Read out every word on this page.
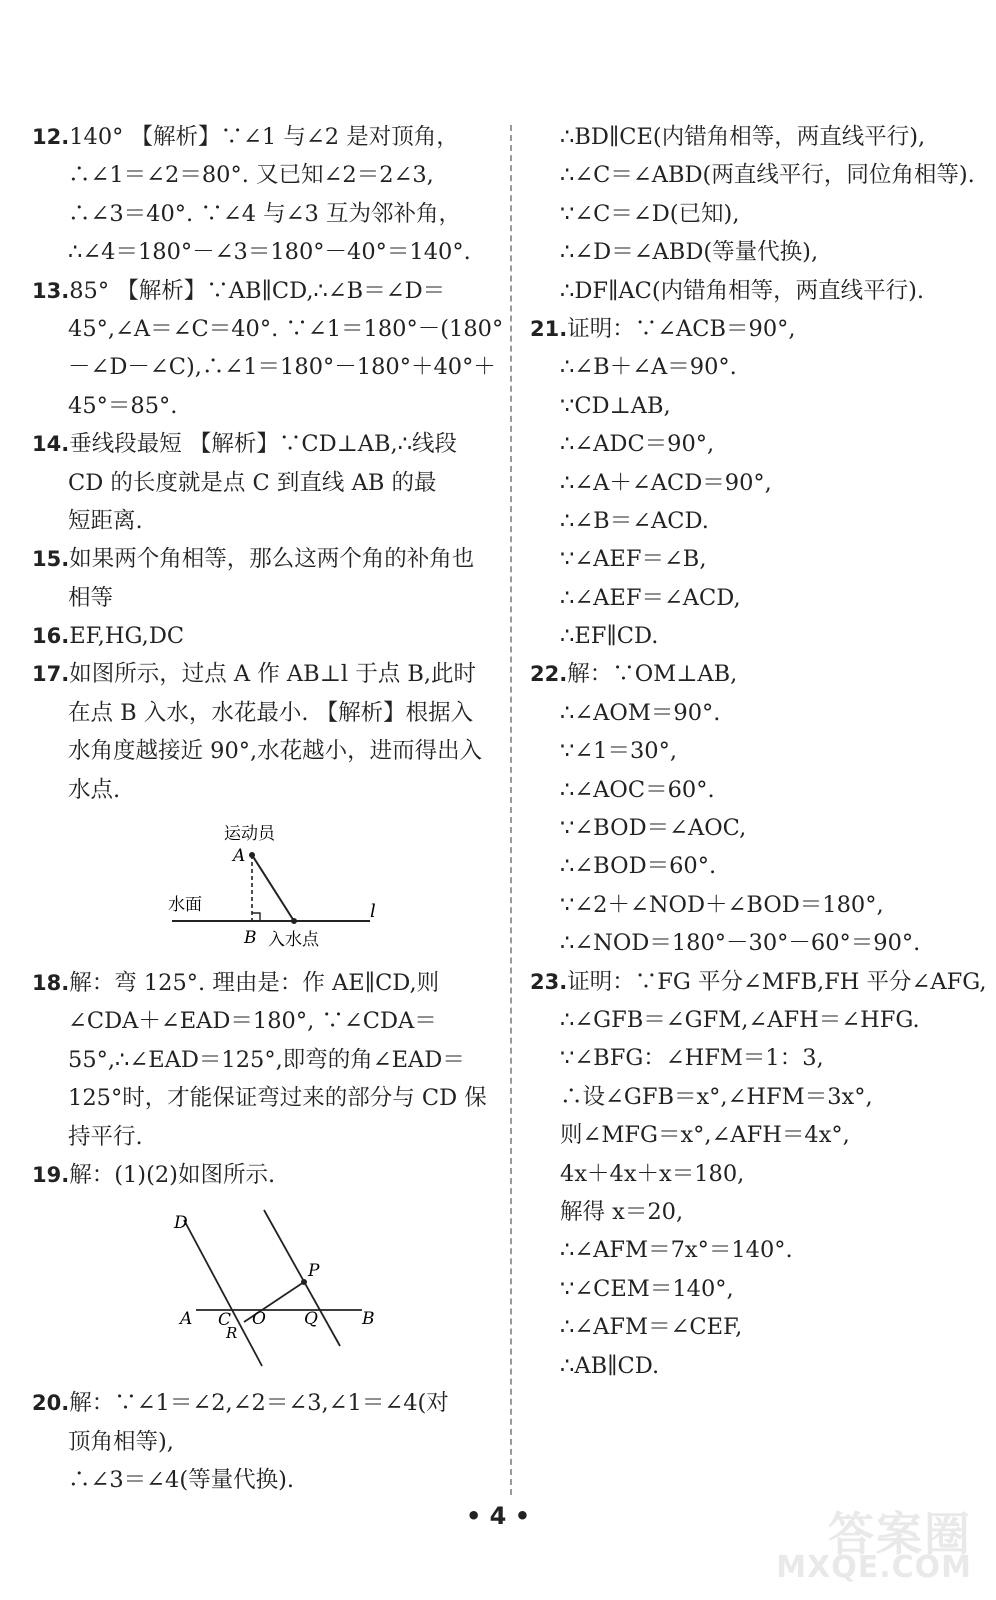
12.140° 【解析】∵∠1 与∠2 是对顶角，
∴∠1＝∠2＝80°. 又已知∠2＝2∠3,
∴∠3＝40°. ∵∠4 与∠3 互为邻补角，
∴∠4＝180°－∠3＝180°－40°＝140°.
13.85° 【解析】∵AB∥CD,∴∠B＝∠D＝
45°,∠A＝∠C＝40°. ∵∠1＝180°－(180°
－∠D－∠C),∴∠1＝180°－180°＋40°＋
45°＝85°.
14.垂线段最短 【解析】∵CD⊥AB,∴线段
CD 的长度就是点 C 到直线 AB 的最
短距离.
15.如果两个角相等，那么这两个角的补角也
相等
16.EF,HG,DC
17.如图所示，过点 A 作 AB⊥l 于点 B,此时
在点 B 入水，水花最小. 【解析】根据入
水角度越接近 90°,水花越小，进而得出入
水点.
运动员
A
水面	l
B 入水点
18.解：弯 125°. 理由是：作 AE∥CD,则
∠CDA＋∠EAD＝180°, ∵∠CDA＝
55°,∴∠EAD＝125°,即弯的角∠EAD＝
125°时，才能保证弯过来的部分与 CD 保
持平行.
19.解：(1)(2)如图所示.
D
P
A C
R
O Q	B
20.解：∵∠1＝∠2,∠2＝∠3,∠1＝∠4(对
顶角相等),
∴∠3＝∠4(等量代换).
∴BD∥CE(内错角相等，两直线平行),
∴∠C＝∠ABD(两直线平行，同位角相等).
∵∠C＝∠D(已知),
∴∠D＝∠ABD(等量代换),
∴DF∥AC(内错角相等，两直线平行).
21.证明：∵∠ACB＝90°,
∴∠B＋∠A＝90°.
∵CD⊥AB,
∴∠ADC＝90°,
∴∠A＋∠ACD＝90°,
∴∠B＝∠ACD.
∵∠AEF＝∠B,
∴∠AEF＝∠ACD,
∴EF∥CD.
22.解：∵OM⊥AB,
∴∠AOM＝90°.
∵∠1＝30°,
∴∠AOC＝60°.
∵∠BOD＝∠AOC,
∴∠BOD＝60°.
∵∠2＋∠NOD＋∠BOD＝180°,
∴∠NOD＝180°－30°－60°＝90°.
23.证明：∵FG 平分∠MFB,FH 平分∠AFG,
∴∠GFB＝∠GFM,∠AFH＝∠HFG.
∵∠BFG：∠HFM＝1：3,
∴设∠GFB＝x°,∠HFM＝3x°,
则∠MFG＝x°,∠AFH＝4x°,
4x＋4x＋x＝180,
解得 x＝20,
∴∠AFM＝7x°＝140°.
∵∠CEM＝140°,
∴∠AFM＝∠CEF,
∴AB∥CD.
• 4 •	答案圈
MXQE.COM
